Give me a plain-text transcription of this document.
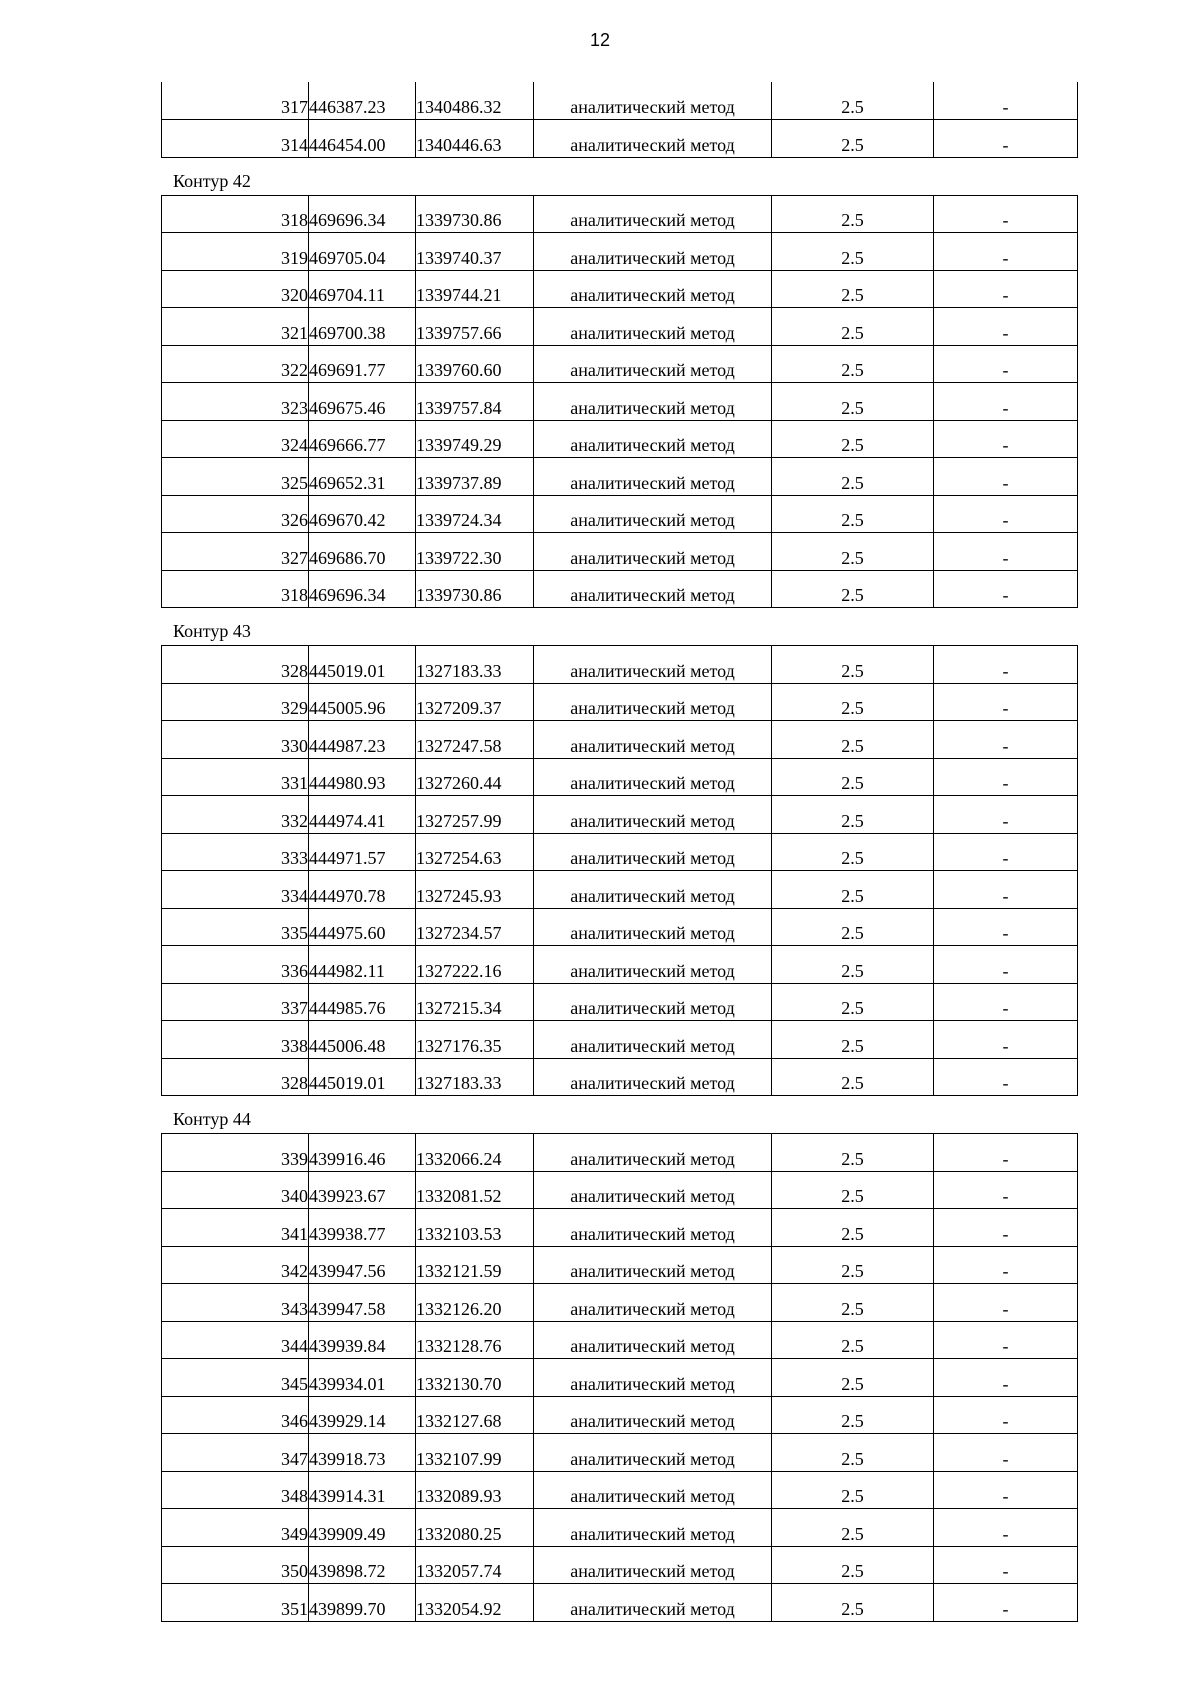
12
317	446387.23	1340486.32	аналитический метод	2.5	-
314	446454.00	1340446.63	аналитический метод	2.5	-
Контур 42
318	469696.34	1339730.86	аналитический метод	2.5	-
319	469705.04	1339740.37	аналитический метод	2.5	-
320	469704.11	1339744.21	аналитический метод	2.5	-
321	469700.38	1339757.66	аналитический метод	2.5	-
322	469691.77	1339760.60	аналитический метод	2.5	-
323	469675.46	1339757.84	аналитический метод	2.5	-
324	469666.77	1339749.29	аналитический метод	2.5	-
325	469652.31	1339737.89	аналитический метод	2.5	-
326	469670.42	1339724.34	аналитический метод	2.5	-
327	469686.70	1339722.30	аналитический метод	2.5	-
318	469696.34	1339730.86	аналитический метод	2.5	-
Контур 43
328	445019.01	1327183.33	аналитический метод	2.5	-
329	445005.96	1327209.37	аналитический метод	2.5	-
330	444987.23	1327247.58	аналитический метод	2.5	-
331	444980.93	1327260.44	аналитический метод	2.5	-
332	444974.41	1327257.99	аналитический метод	2.5	-
333	444971.57	1327254.63	аналитический метод	2.5	-
334	444970.78	1327245.93	аналитический метод	2.5	-
335	444975.60	1327234.57	аналитический метод	2.5	-
336	444982.11	1327222.16	аналитический метод	2.5	-
337	444985.76	1327215.34	аналитический метод	2.5	-
338	445006.48	1327176.35	аналитический метод	2.5	-
328	445019.01	1327183.33	аналитический метод	2.5	-
Контур 44
339	439916.46	1332066.24	аналитический метод	2.5	-
340	439923.67	1332081.52	аналитический метод	2.5	-
341	439938.77	1332103.53	аналитический метод	2.5	-
342	439947.56	1332121.59	аналитический метод	2.5	-
343	439947.58	1332126.20	аналитический метод	2.5	-
344	439939.84	1332128.76	аналитический метод	2.5	-
345	439934.01	1332130.70	аналитический метод	2.5	-
346	439929.14	1332127.68	аналитический метод	2.5	-
347	439918.73	1332107.99	аналитический метод	2.5	-
348	439914.31	1332089.93	аналитический метод	2.5	-
349	439909.49	1332080.25	аналитический метод	2.5	-
350	439898.72	1332057.74	аналитический метод	2.5	-
351	439899.70	1332054.92	аналитический метод	2.5	-
